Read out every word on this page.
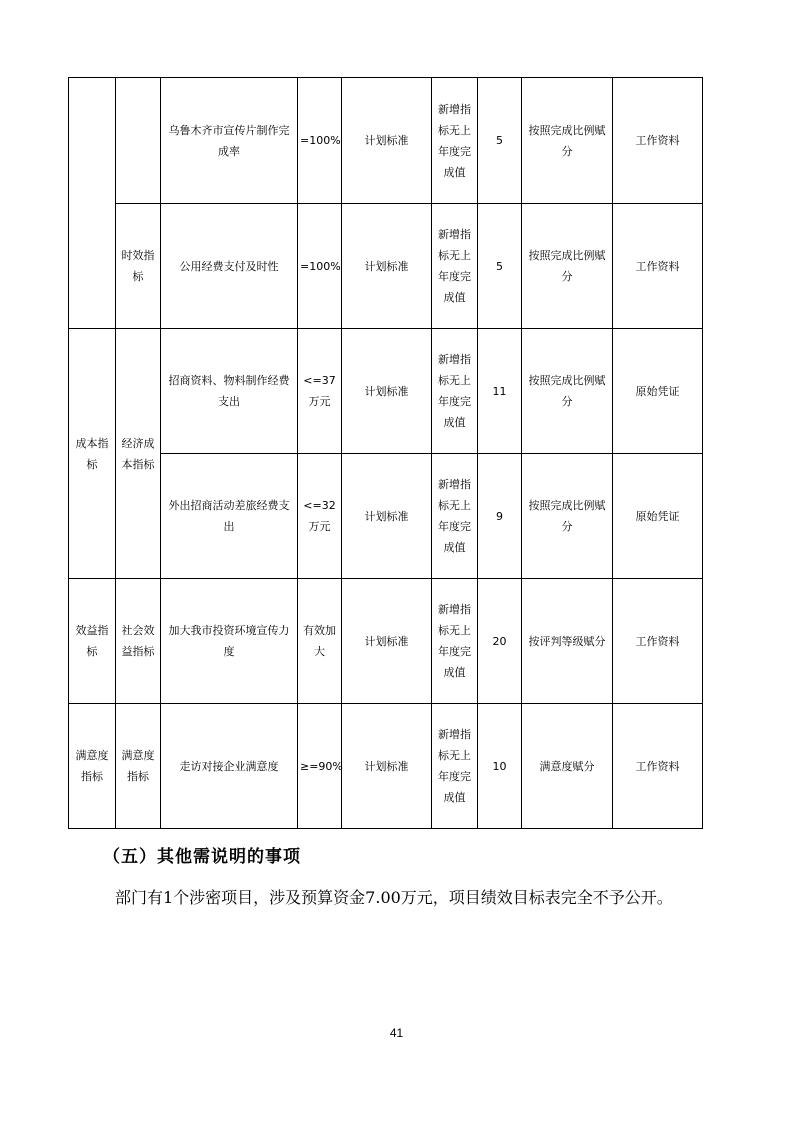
		乌鲁木齐市宣传片制作完成率	=100%	计划标准	新增指标无上年度完成值	5	按照完成比例赋分	工作资料
	时效指标	公用经费支付及时性	=100%	计划标准	新增指标无上年度完成值	5	按照完成比例赋分	工作资料
成本指标	经济成本指标	招商资料、物料制作经费支出	<=37万元	计划标准	新增指标无上年度完成值	11	按照完成比例赋分	原始凭证
		外出招商活动差旅经费支出	<=32万元	计划标准	新增指标无上年度完成值	9	按照完成比例赋分	原始凭证
效益指标	社会效益指标	加大我市投资环境宣传力度	有效加大	计划标准	新增指标无上年度完成值	20	按评判等级赋分	工作资料
满意度指标	满意度指标	走访对接企业满意度	≥=90%	计划标准	新增指标无上年度完成值	10	满意度赋分	工作资料
（五）其他需说明的事项
部门有1个涉密项目，涉及预算资金7.00万元，项目绩效目标表完全不予公开。
41
